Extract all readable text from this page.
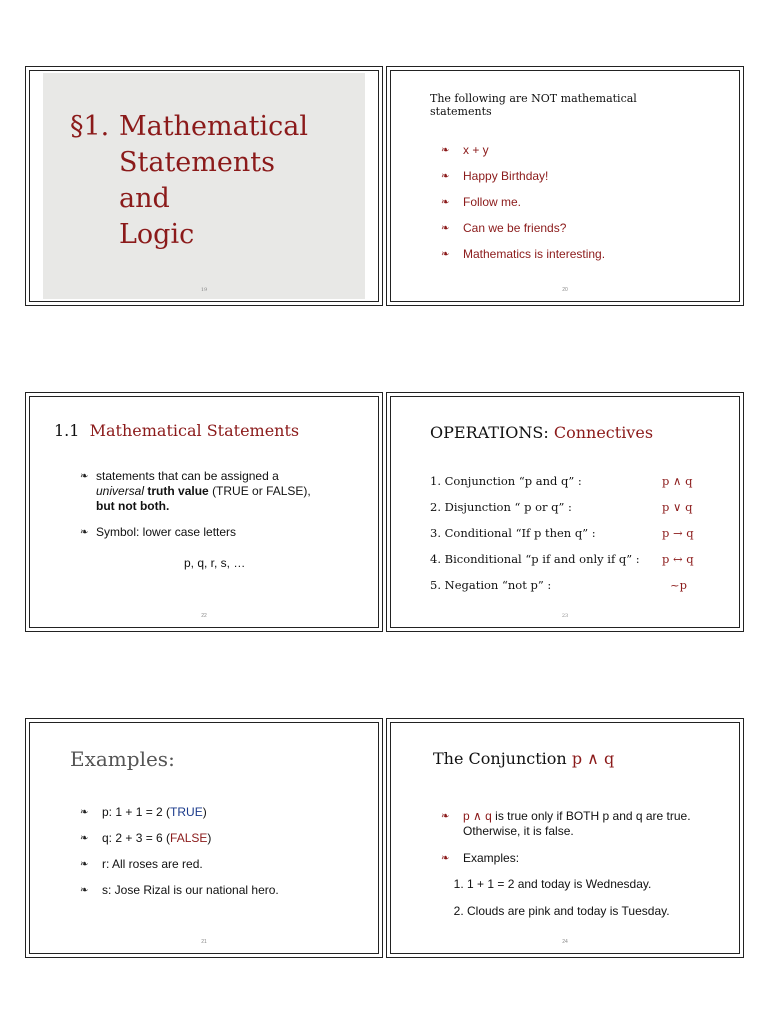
§1. Mathematical
Statements
and
Logic
19
The following are NOT mathematical statements
❧ x + y
❧ Happy Birthday!
❧ Follow me.
❧ Can we be friends?
❧ Mathematics is interesting.
20
1.1 Mathematical Statements
❧ statements that can be assigned a universal truth value (TRUE or FALSE), but not both.
❧ Symbol: lower case letters
p, q, r, s, …
22
OPERATIONS: Connectives
1. Conjunction “p and q” :	p ∧ q
2. Disjunction “ p or q” :	p ∨ q
3. Conditional “If p then q” :	p → q
4. Biconditional “p if and only if q” : p ↔ q
5. Negation “not p” :	~p
23
Examples:
❧ p: 1 + 1 = 2 (TRUE)
❧ q: 2 + 3 = 6 (FALSE)
❧ r: All roses are red.
❧ s: Jose Rizal is our national hero.
21
The Conjunction p ∧ q
❧ p ∧ q is true only if BOTH p and q are true. Otherwise, it is false.
❧ Examples:
1. 1 + 1 = 2 and today is Wednesday.
2. Clouds are pink and today is Tuesday.
24
